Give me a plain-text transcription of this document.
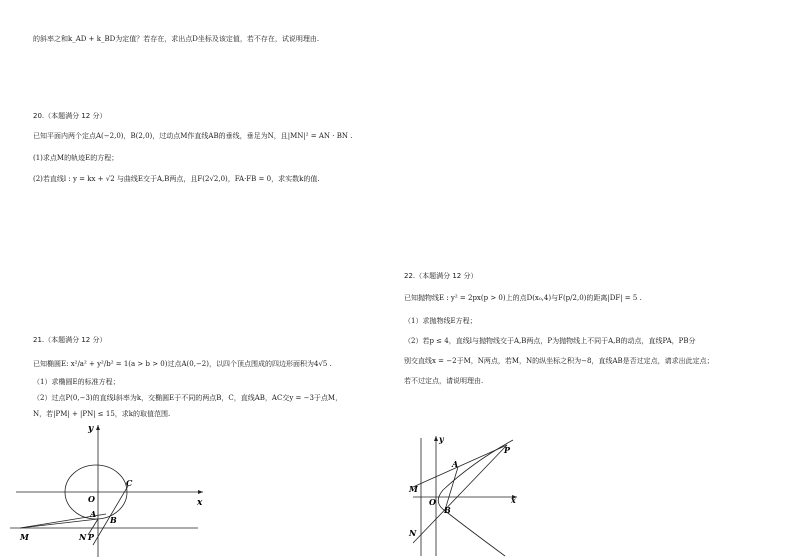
的斜率之和k_AD + k_BD为定值？若存在，求出点D坐标及该定值，若不存在，试说明理由.
20.（本题满分 12 分）
已知平面内两个定点A(−2,0)，B(2,0)，过动点M作直线AB的垂线，垂足为N，且|MN|² = AN · BN .
(1)求点M的轨迹E的方程；
(2)若直线l : y = kx + √2 与曲线E交于A,B两点，且F(2√2,0)，FA·FB = 0，求实数k的值.
21.（本题满分 12 分）
已知椭圆E: x²/a² + y²/b² = 1(a > b > 0)过点A(0,−2)，以四个顶点围成的四边形面积为4√5 .
（1）求椭圆E的标准方程；
（2）过点P(0,−3)的直线l斜率为k，交椭圆E于不同的两点B，C，直线AB，AC交y = −3于点M，
N，若|PM| + |PN| ≤ 15，求k的取值范围.
22.（本题满分 12 分）
已知抛物线E : y² = 2px(p > 0)上的点D(x₀,4)与F(p/2,0)的距离|DF| = 5 .
（1）求抛物线E方程；
（2）若p ≤ 4，直线l与抛物线交于A,B两点，P为抛物线上不同于A,B的动点，直线PA，PB分
别交直线x = −2于M，N两点，若M，N的纵坐标之积为−8，直线AB是否过定点，请求出此定点；
若不过定点，请说明理由.
y
x
O
C
A
B
M	N P
y
x
O
A
B
M
N
P
